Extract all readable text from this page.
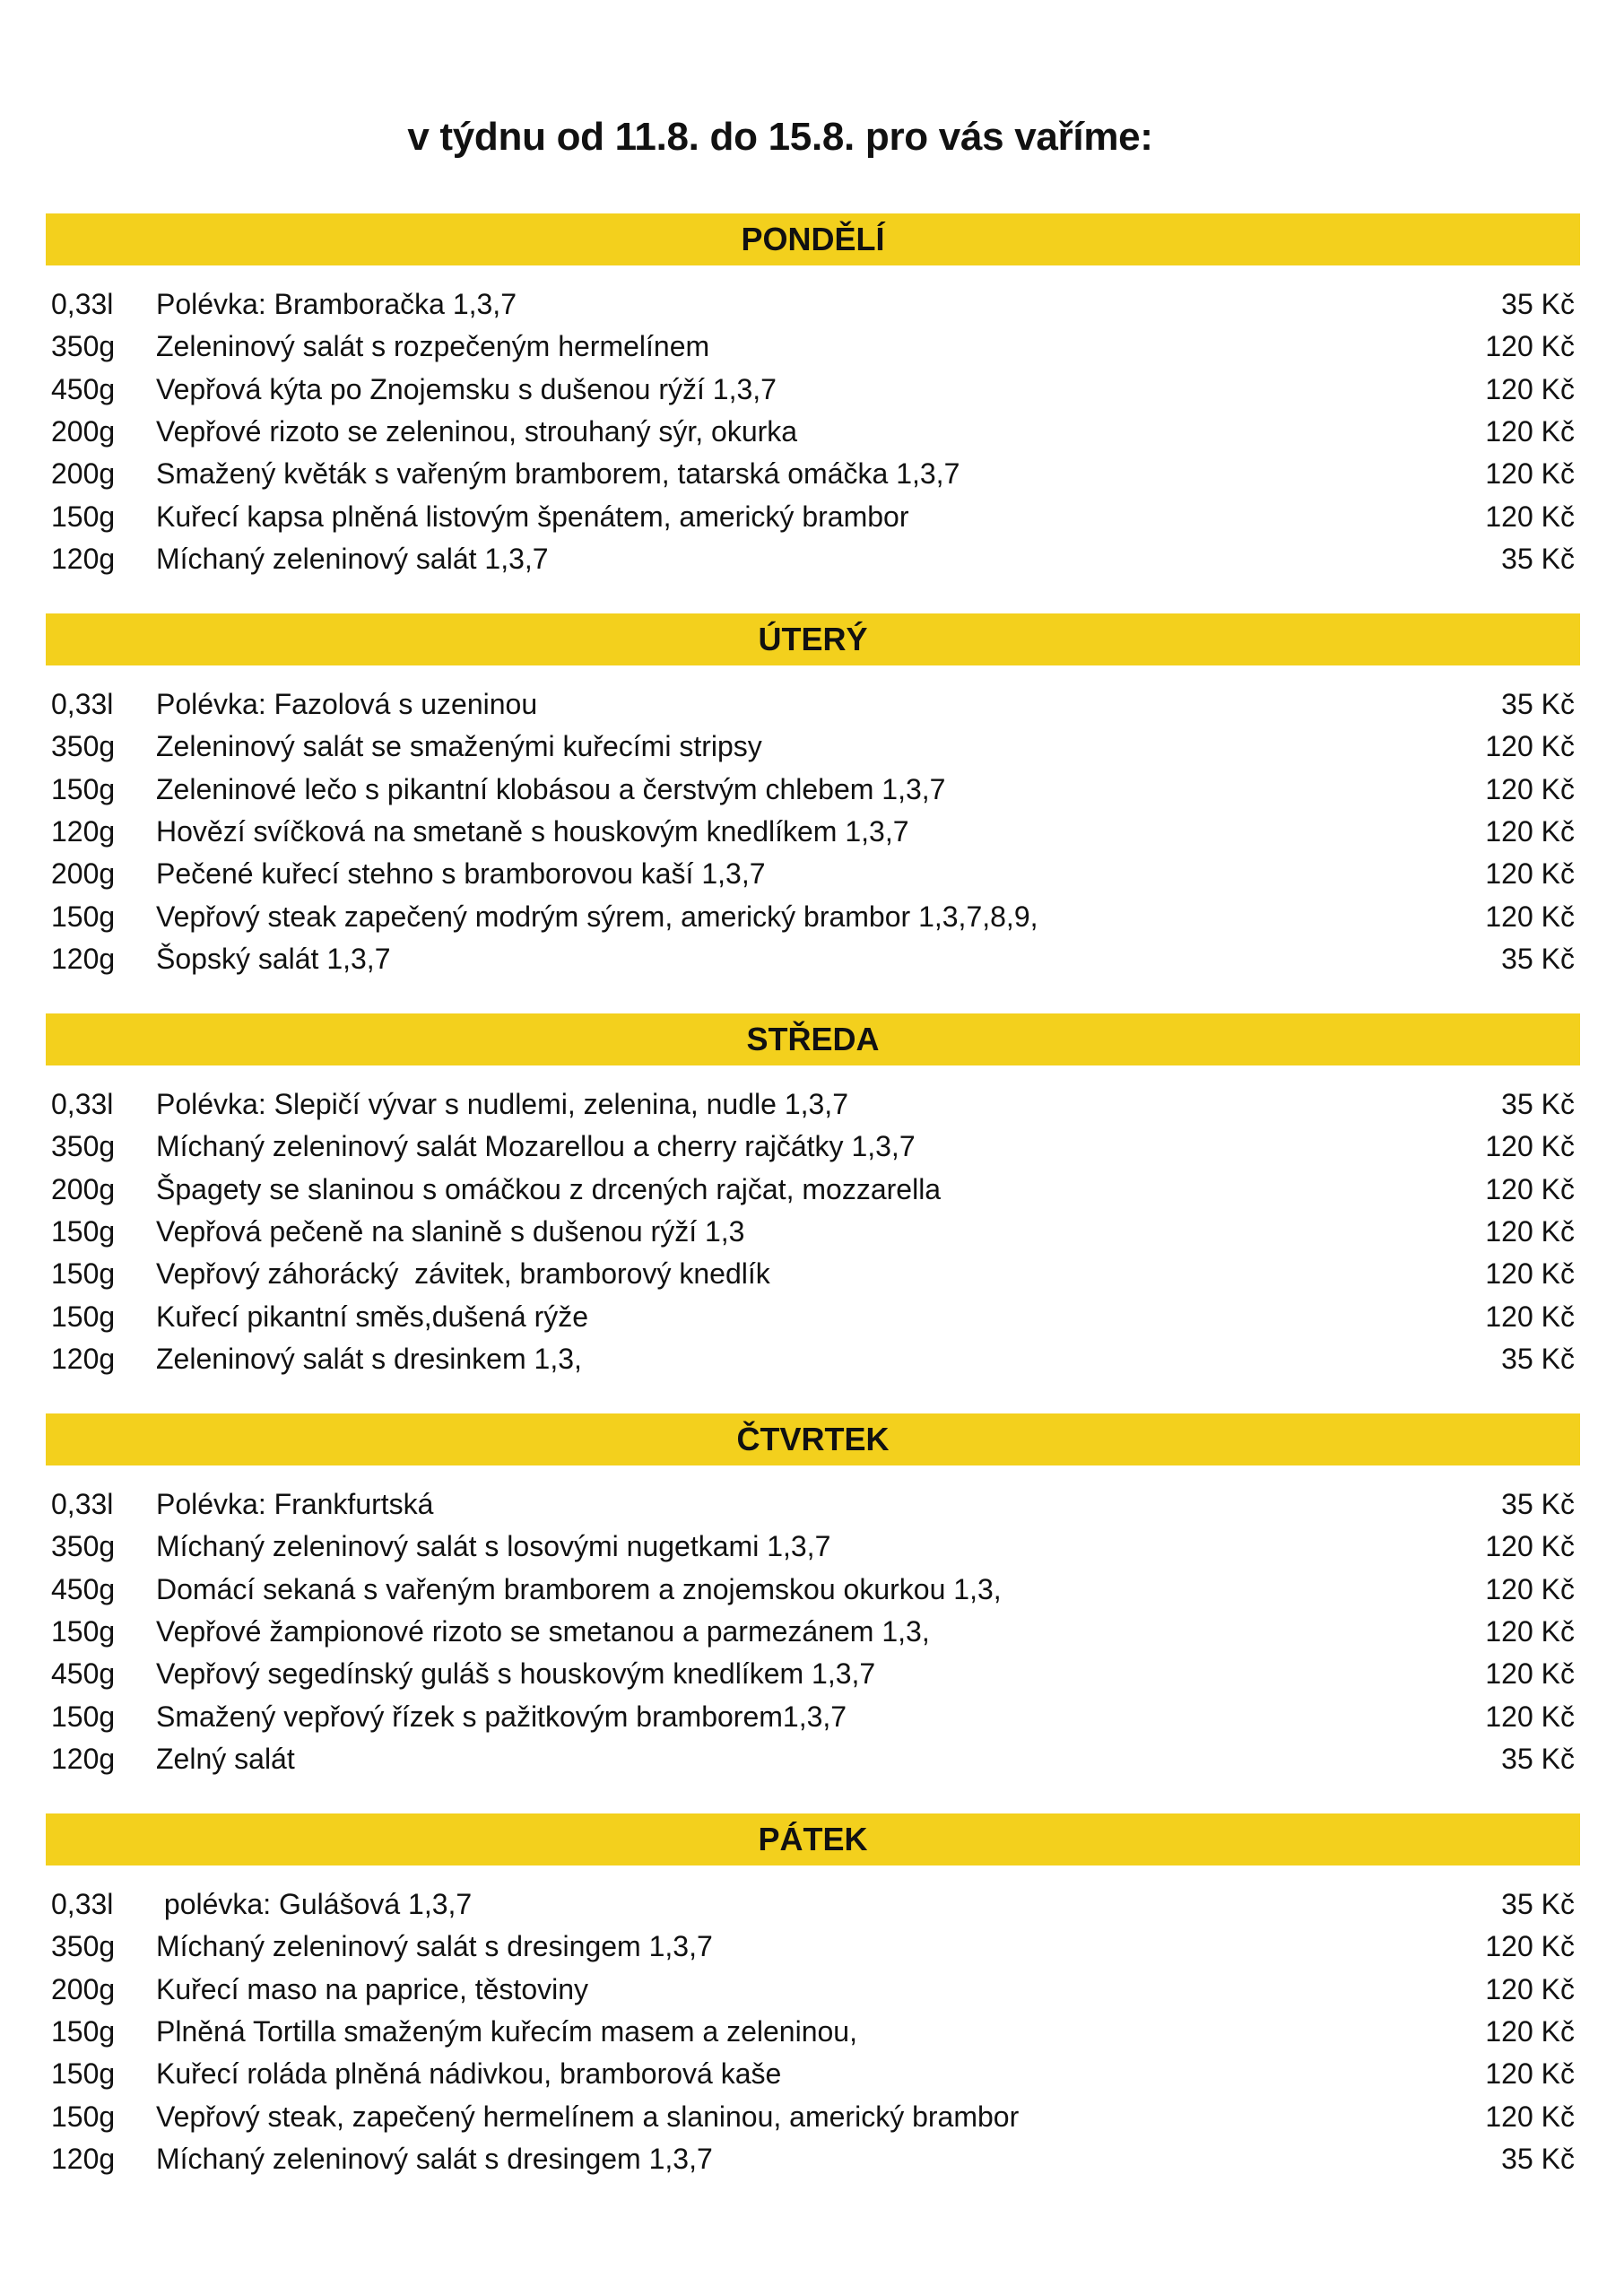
v týdnu od 11.8. do 15.8. pro vás vaříme:
PONDĚLÍ
0,33l	Polévka: Bramboračka 1,3,7	35 Kč
350g	Zeleninový salát s rozpečeným hermelínem	120 Kč
450g	Vepřová kýta po Znojemsku s dušenou rýží 1,3,7	120 Kč
200g	Vepřové rizoto se zeleninou, strouhaný sýr, okurka	120 Kč
200g	Smažený květák s vařeným bramborem, tatarská omáčka 1,3,7	120 Kč
150g	Kuřecí kapsa plněná listovým špenátem, americký brambor	120 Kč
120g	Míchaný zeleninový salát 1,3,7	35 Kč
ÚTERÝ
0,33l	Polévka: Fazolová s uzeninou	35 Kč
350g	Zeleninový salát se smaženými kuřecími stripsy	120 Kč
150g	Zeleninové lečo s pikantní klobásou a čerstvým chlebem 1,3,7	120 Kč
120g	Hovězí svíčková na smetaně s houskovým knedlíkem 1,3,7	120 Kč
200g	Pečené kuřecí stehno s bramborovou kaší 1,3,7	120 Kč
150g	Vepřový steak zapečený modrým sýrem, americký brambor 1,3,7,8,9,	120 Kč
120g	Šopský salát 1,3,7	35 Kč
STŘEDA
0,33l	Polévka: Slepičí vývar s nudlemi, zelenina, nudle 1,3,7	35 Kč
350g	Míchaný zeleninový salát Mozarellou a cherry rajčátky 1,3,7	120 Kč
200g	Špagety se slaninou s omáčkou z drcených rajčat, mozzarella	120 Kč
150g	Vepřová pečeně na slanině s dušenou rýží 1,3	120 Kč
150g	Vepřový záhorácký  závitek, bramborový knedlík	120 Kč
150g	Kuřecí pikantní směs,dušená rýže	120 Kč
120g	Zeleninový salát s dresinkem 1,3,	35 Kč
ČTVRTEK
0,33l	Polévka: Frankfurtská	35 Kč
350g	Míchaný zeleninový salát s losovými nugetkami 1,3,7	120 Kč
450g	Domácí sekaná s vařeným bramborem a znojemskou okurkou 1,3,	120 Kč
150g	Vepřové žampionové rizoto se smetanou a parmezánem 1,3,	120 Kč
450g	Vepřový segedínský guláš s houskovým knedlíkem 1,3,7	120 Kč
150g	Smažený vepřový řízek s pažitkovým bramborem1,3,7	120 Kč
120g	Zelný salát	35 Kč
PÁTEK
0,33l	polévka: Gulášová 1,3,7	35 Kč
350g	Míchaný zeleninový salát s dresingem 1,3,7	120 Kč
200g	Kuřecí maso na paprice, těstoviny	120 Kč
150g	Plněná Tortilla smaženým kuřecím masem a zeleninou,	120 Kč
150g	Kuřecí roláda plněná nádivkou, bramborová kaše	120 Kč
150g	Vepřový steak, zapečený hermelínem a slaninou, americký brambor	120 Kč
120g	Míchaný zeleninový salát s dresingem 1,3,7	35 Kč
